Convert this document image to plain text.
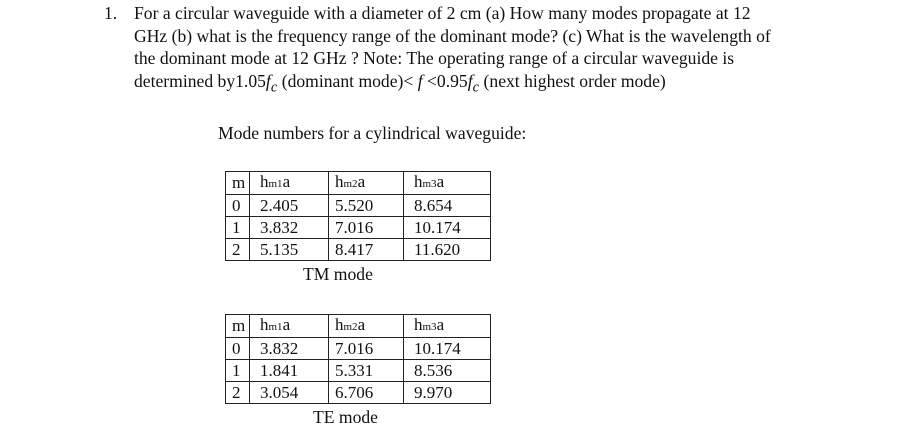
1. For a circular waveguide with a diameter of 2 cm (a) How many modes propagate at 12
GHz (b) what is the frequency range of the dominant mode? (c) What is the wavelength of
the dominant mode at 12 GHz ? Note: The operating range of a circular waveguide is
determined $by1.05f_c$ (dominant mode)< $f <0.95f_c$ (next highest order mode)
Mode numbers for a cylindrical waveguide:
m	hm1a	hm2a	hm3a
0	2.405	5.520	8.654
1	3.832	7.016	10.174
2	5.135	8.417	11.620
TM mode
m	hm1a	hm2a	hm3a
0	3.832	7.016	10.174
1	1.841	5.331	8.536
2	3.054	6.706	9.970
TE mode
